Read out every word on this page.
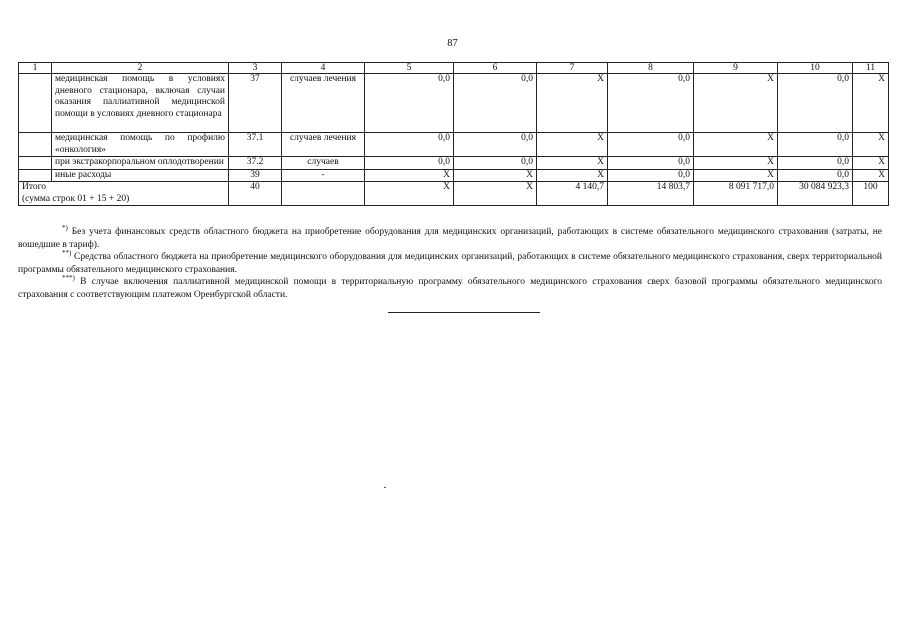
87
1	2	3	4	5	6	7	8	9	10	11
	медицинская помощь в условиях дневного стационара, включая случаи оказания паллиативной медицинской помощи в условиях дневного стационара	37	случаев лечения	0,0	0,0	X	0,0	X	0,0	X
	медицинская помощь по профилю «онкология»	37.1	случаев лечения	0,0	0,0	X	0,0	X	0,0	X
	при экстракорпоральном оплодотворении	37.2	случаев	0,0	0,0	X	0,0	X	0,0	X
	иные расходы	39	-	X	X	X	0,0	X	0,0	X

Итого
(сумма строк 01 + 15 + 20)		40		X	X	4 140,7	14 803,7	8 091 717,0	30 084 923,3	100

*) Без учета финансовых средств областного бюджета на приобретение оборудования для медицинских организаций, работающих в системе обязательного медицинского страхования (затраты, не вошедшие в тариф).

**) Средства областного бюджета на приобретение медицинского оборудования для медицинских организаций, работающих в системе обязательного медицинского страхования, сверх территориальной программы обязательного медицинского страхования.

***) В случае включения паллиативной медицинской помощи в территориальную программу обязательного медицинского страхования сверх базовой программы обязательного медицинского страхования с соответствующим платежом Оренбургской области.
